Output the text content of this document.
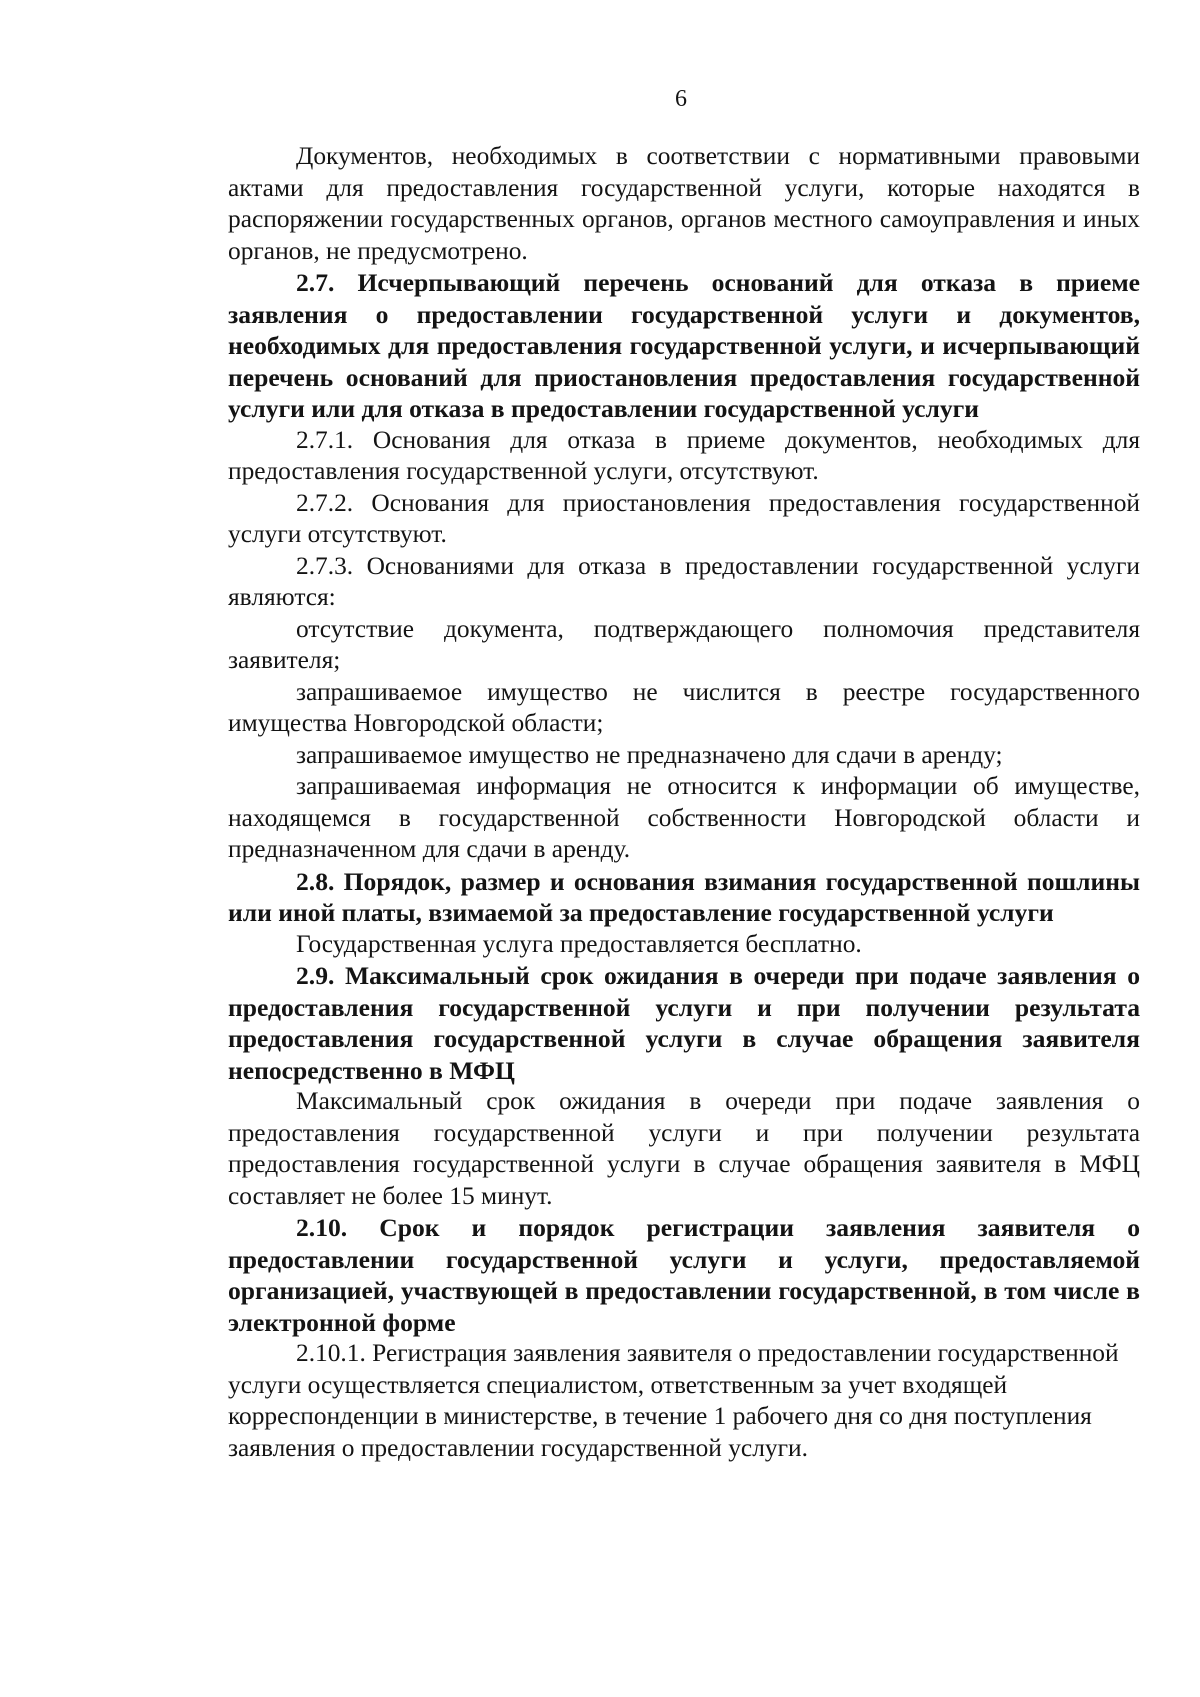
6

Документов, необходимых в соответствии с нормативными правовыми актами для предоставления государственной услуги, которые находятся в распоряжении государственных органов, органов местного самоуправления и иных органов, не предусмотрено.

2.7. Исчерпывающий перечень оснований для отказа в приеме заявления о предоставлении государственной услуги и документов, необходимых для предоставления государственной услуги, и исчерпывающий перечень оснований для приостановления предоставления государственной услуги или для отказа в предоставлении государственной услуги

2.7.1. Основания для отказа в приеме документов, необходимых для предоставления государственной услуги, отсутствуют.

2.7.2. Основания для приостановления предоставления государственной услуги отсутствуют.

2.7.3. Основаниями для отказа в предоставлении государственной услуги являются:

отсутствие документа, подтверждающего полномочия представителя заявителя;

запрашиваемое имущество не числится в реестре государственного имущества Новгородской области;

запрашиваемое имущество не предназначено для сдачи в аренду;

запрашиваемая информация не относится к информации об имуществе, находящемся в государственной собственности Новгородской области и предназначенном для сдачи в аренду.

2.8. Порядок, размер и основания взимания государственной пошлины или иной платы, взимаемой за предоставление государственной услуги

Государственная услуга предоставляется бесплатно.

2.9. Максимальный срок ожидания в очереди при подаче заявления о предоставления государственной услуги и при получении результата предоставления государственной услуги в случае обращения заявителя непосредственно в МФЦ

Максимальный срок ожидания в очереди при подаче заявления о предоставления государственной услуги и при получении результата предоставления государственной услуги в случае обращения заявителя в МФЦ составляет не более 15 минут.

2.10. Срок и порядок регистрации заявления заявителя о предоставлении государственной услуги и услуги, предоставляемой организацией, участвующей в предоставлении государственной, в том числе в электронной форме

2.10.1. Регистрация заявления заявителя о предоставлении государственной услуги осуществляется специалистом, ответственным за учет входящей корреспонденции в министерстве, в течение 1 рабочего дня со дня поступления заявления о предоставлении государственной услуги.
